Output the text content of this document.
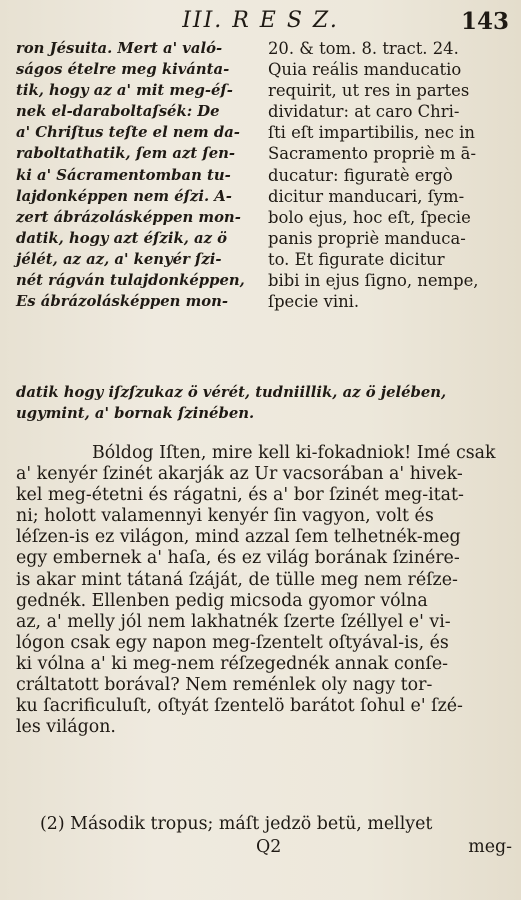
III. R E S Z.	143
ron Jésuita. Mert a' való-
ságos ételre meg kivánta-
tik, hogy az a' mit meg-éſ-
nek el-daraboltaſsék: De
a' Chriſtus teſte el nem da-
raboltathatik, ſem azt ſen-
ki a' Sácramentomban tu-
lajdonképpen nem éſzi. A-
zert ábrázolásképpen mon-
datik, hogy azt éſzik, az ö
jélét, az az, a' kenyér ſzi-
nét rágván tulajdonképpen,
Es ábrázolásképpen mon-
20. & tom. 8. tract. 24.
Quia reális manducatio
requirit, ut res in partes
dividatur: at caro Chri-
ſti eſt impartibilis, nec in
Sacramento propriè m ā-
ducatur: figuratè ergò
dicitur manducari, ſym-
bolo ejus, hoc eſt, ſpecie
panis propriè manduca-
to. Et figurate dicitur
bibi in ejus ſigno, nempe,
ſpecie vini.
datik hogy iſzſzukaz ö vérét, tudniillik, az ö jelében,
ugymint, a' bornak ſzinében.
Bóldog Iſten, mire kell ki-fokadniok! Imé csak
a' kenyér ſzinét akarják az Ur vacsorában a' hivek-
kel meg-étetni és rágatni, és a' bor ſzinét meg-itat-
ni; holott valamennyi kenyér ſin vagyon, volt és
léſzen-is ez világon, mind azzal ſem telhetnék-meg
egy embernek a' haſa, és ez világ borának ſzinére-
is akar mint tátaná ſzáját, de tülle meg nem réſze-
gednék. Ellenben pedig micsoda gyomor vólna
az, a' melly jól nem lakhatnék ſzerte ſzéllyel e' vi-
lógon csak egy napon meg-ſzentelt oſtyával-is, és
ki vólna a' ki meg-nem réſzegednék annak conſe-
cráltatott borával? Nem reménlek oly nagy tor-
ku ſacrificuluſt, oſtyát ſzentelö barátot ſohul e' ſzé-
les világon.
(2) Második tropus; máſt jedzö betü, mellyet
Q2	meg-
